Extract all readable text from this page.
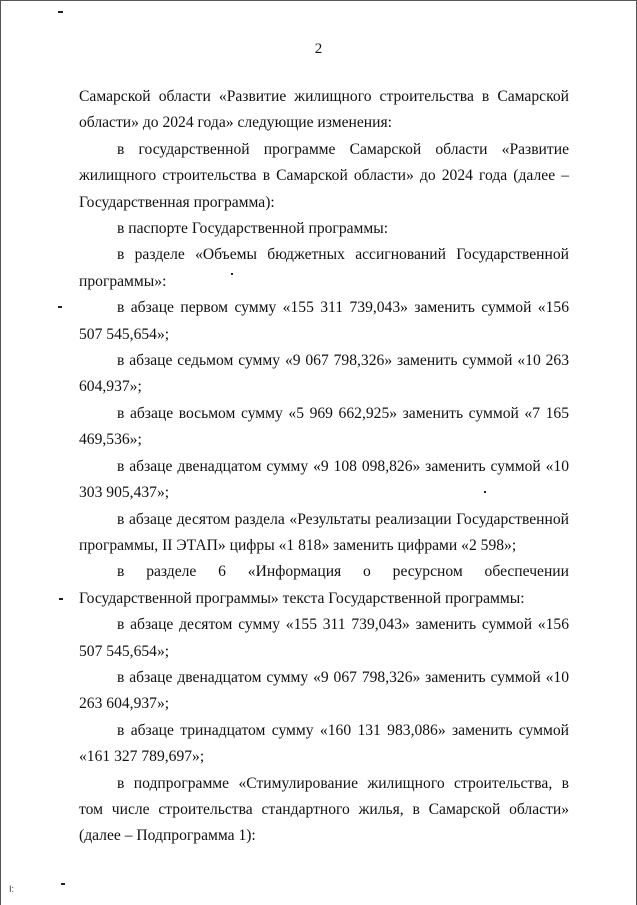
2

Самарской области «Развитие жилищного строительства в Самарской области» до 2024 года» следующие изменения:

в государственной программе Самарской области «Развитие жилищного строительства в Самарской области» до 2024 года (далее – Государственная программа):

в паспорте Государственной программы:

в разделе «Объемы бюджетных ассигнований Государственной программы»:

в абзаце первом сумму «155 311 739,043» заменить суммой «156 507 545,654»;

в абзаце седьмом сумму «9 067 798,326» заменить суммой «10 263 604,937»;

в абзаце восьмом сумму «5 969 662,925» заменить суммой «7 165 469,536»;

в абзаце двенадцатом сумму «9 108 098,826» заменить суммой «10 303 905,437»;

в абзаце десятом раздела «Результаты реализации Государственной программы, II ЭТАП» цифры «1 818» заменить цифрами «2 598»;

в разделе 6 «Информация о ресурсном обеспечении Государственной программы» текста Государственной программы:

в абзаце десятом сумму «155 311 739,043» заменить суммой «156 507 545,654»;

в абзаце двенадцатом сумму «9 067 798,326» заменить суммой «10 263 604,937»;

в абзаце тринадцатом сумму «160 131 983,086» заменить суммой «161 327 789,697»;

в подпрограмме «Стимулирование жилищного строительства, в том числе строительства стандартного жилья, в Самарской области» (далее – Подпрограмма 1):

I:
